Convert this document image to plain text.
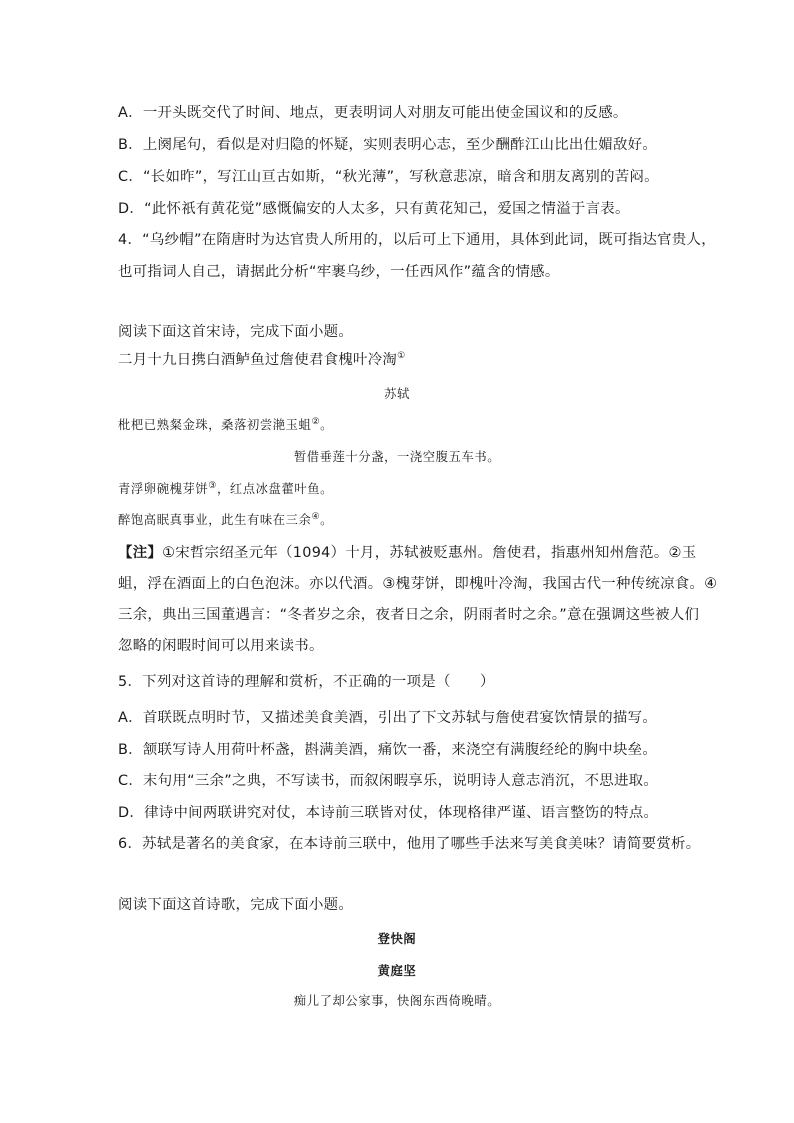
A．一开头既交代了时间、地点，更表明词人对朋友可能出使金国议和的反感。
B．上阕尾句，看似是对归隐的怀疑，实则表明心志，至少酬酢江山比出仕媚敌好。
C．“长如昨”，写江山亘古如斯，“秋光薄”，写秋意悲凉，暗含和朋友离别的苦闷。
D．“此怀祇有黄花觉”感慨偏安的人太多，只有黄花知己，爱国之情溢于言表。
4．“乌纱帽”在隋唐时为达官贵人所用的，以后可上下通用，具体到此词，既可指达官贵人，
也可指词人自己，请据此分析“牢裹乌纱，一任西风作”蕴含的情感。
阅读下面这首宋诗，完成下面小题。
二月十九日携白酒鲈鱼过詹使君食槐叶冷淘①
苏轼
枇杷已熟粲金珠，桑落初尝滟玉蛆②。
暂借垂莲十分盏，一浇空腹五车书。
青浮卵碗槐芽饼③，红点冰盘藿叶鱼。
醉饱高眠真事业，此生有味在三余④。
【注】①宋哲宗绍圣元年（1094）十月，苏轼被贬惠州。詹使君，指惠州知州詹范。②玉
蛆，浮在酒面上的白色泡沫。亦以代酒。③槐芽饼，即槐叶冷淘，我国古代一种传统凉食。④
三余，典出三国董遇言：“冬者岁之余，夜者日之余，阴雨者时之余。”意在强调这些被人们
忽略的闲暇时间可以用来读书。
5．下列对这首诗的理解和赏析，不正确的一项是（　　）
A．首联既点明时节，又描述美食美酒，引出了下文苏轼与詹使君宴饮情景的描写。
B．颔联写诗人用荷叶杯盏，斟满美酒，痛饮一番，来浇空有满腹经纶的胸中块垒。
C．末句用“三余”之典，不写读书，而叙闲暇享乐，说明诗人意志消沉，不思进取。
D．律诗中间两联讲究对仗，本诗前三联皆对仗，体现格律严谨、语言整饬的特点。
6．苏轼是著名的美食家，在本诗前三联中，他用了哪些手法来写美食美味？请简要赏析。
阅读下面这首诗歌，完成下面小题。
登快阁
黄庭坚
痴儿了却公家事，快阁东西倚晚晴。
